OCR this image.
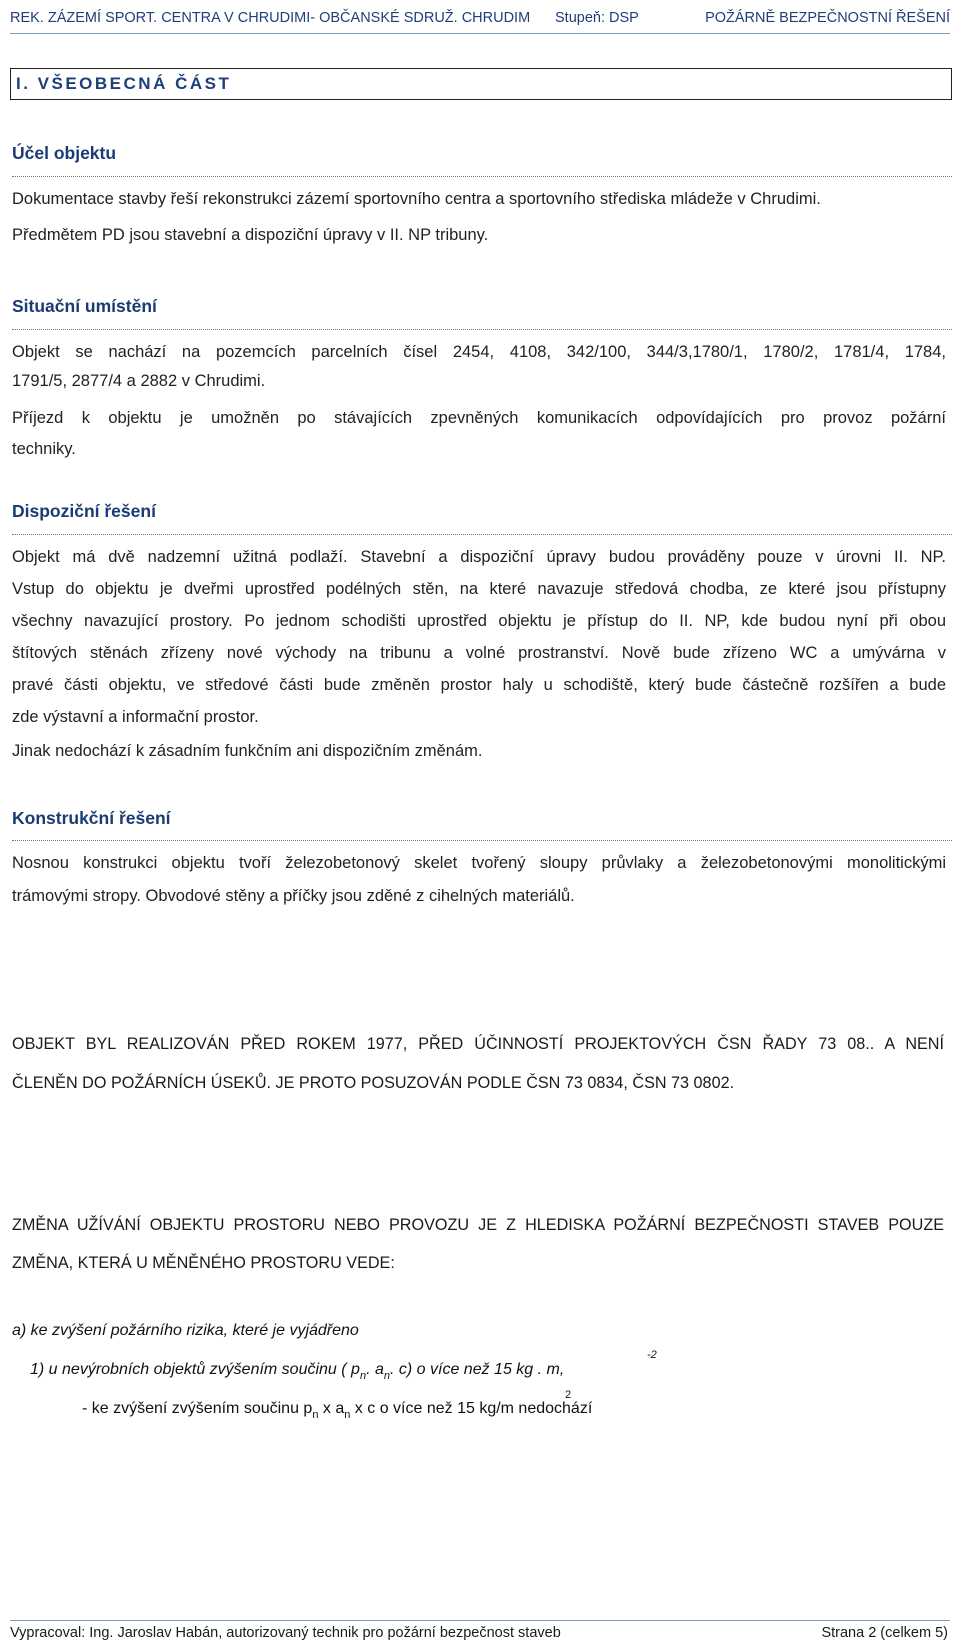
REK. ZÁZEMÍ SPORT. CENTRA V CHRUDIMI- OBČANSKÉ SDRUŽ. CHRUDIM Stupeň: DSP	POŽÁRNĚ BEZPEČNOSTNÍ ŘEŠENÍ
I. VŠEOBECNÁ ČÁST
Účel objektu
Dokumentace stavby řeší rekonstrukci zázemí sportovního centra a sportovního střediska mládeže v Chrudimi.
Předmětem PD jsou stavební a dispoziční úpravy v II. NP tribuny.
Situační umístění
Objekt se nachází na pozemcích parcelních čísel 2454, 4108, 342/100, 344/3,1780/1, 1780/2, 1781/4, 1784,
1791/5, 2877/4 a 2882 v Chrudimi.
Příjezd k objektu je umožněn po stávajících zpevněných komunikacích odpovídajících pro provoz požární
techniky.
Dispoziční řešení
Objekt má dvě nadzemní užitná podlaží. Stavební a dispoziční úpravy budou prováděny pouze v úrovni II. NP.
Vstup do objektu je dveřmi uprostřed podélných stěn, na které navazuje středová chodba, ze které jsou přístupny
všechny navazující prostory. Po jednom schodišti uprostřed objektu je přístup do II. NP, kde budou nyní při obou
štítových stěnách zřízeny nové východy na tribunu a volné prostranství. Nově bude zřízeno WC a umývárna v
pravé části objektu, ve středové části bude změněn prostor haly u schodiště, který bude částečně rozšířen a bude
zde výstavní a informační prostor.
Jinak nedochází k zásadním funkčním ani dispozičním změnám.
Konstrukční řešení
Nosnou konstrukci objektu tvoří železobetonový skelet tvořený sloupy průvlaky a železobetonovými monolitickými
trámovými stropy. Obvodové stěny a příčky jsou zděné z cihelných materiálů.
OBJEKT BYL REALIZOVÁN PŘED ROKEM 1977, PŘED ÚČINNOSTÍ PROJEKTOVÝCH ČSN ŘADY 73 08.. A NENÍ
ČLENĚN DO POŽÁRNÍCH ÚSEKŮ. JE PROTO POSUZOVÁN PODLE ČSN 73 0834, ČSN 73 0802.
ZMĚNA UŽÍVÁNÍ OBJEKTU PROSTORU NEBO PROVOZU JE Z HLEDISKA POŽÁRNÍ BEZPEČNOSTI STAVEB POUZE
ZMĚNA, KTERÁ U MĚNĚNÉHO PROSTORU VEDE:
a) ke zvýšení požárního rizika, které je vyjádřeno
1) u nevýrobních objektů zvýšením součinu ( $p_n$. $a_n$. c) o více než 15 kg . m,
-2
- ke zvýšení zvýšením součinu $p_n$ x $a_n$ x c o více než 15 kg/m nedochází
2
Vypracoval: Ing. Jaroslav Habán, autorizovaný technik pro požární bezpečnost staveb	Strana 2 (celkem 5)
